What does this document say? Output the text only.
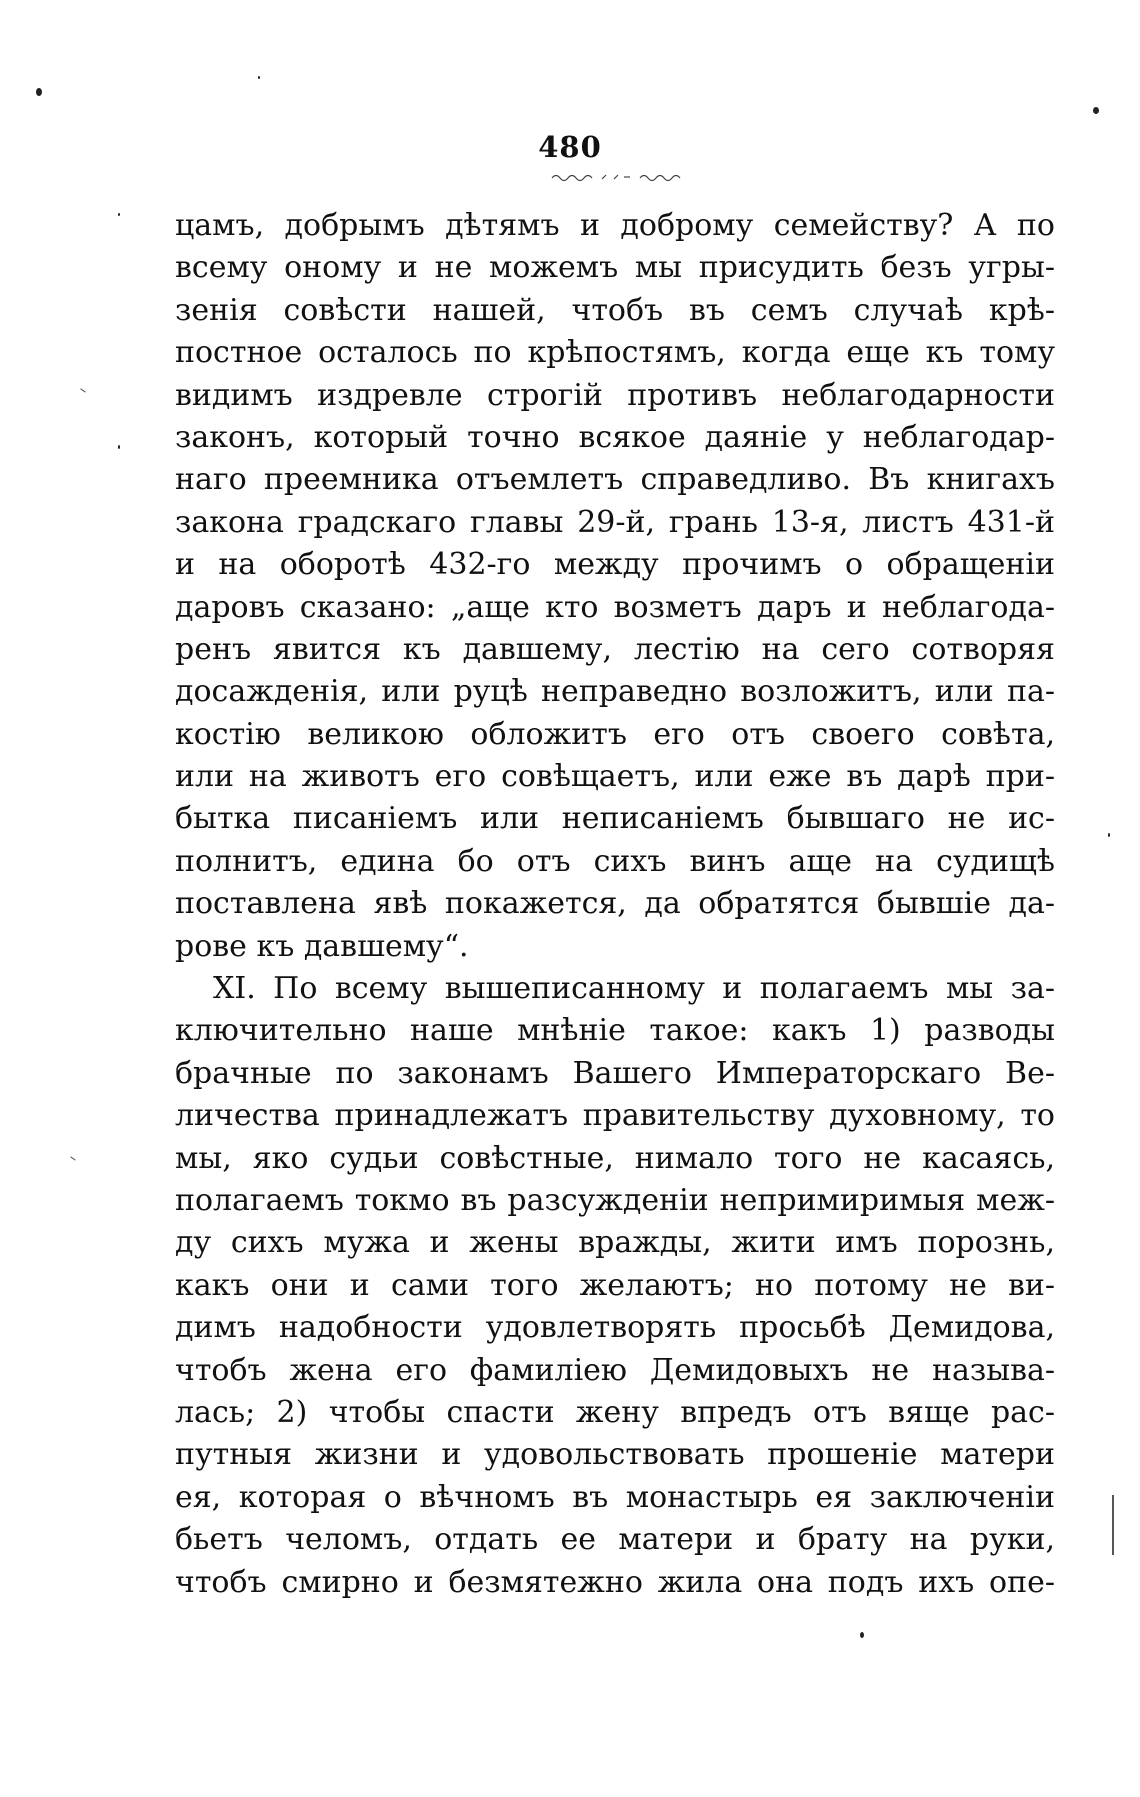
480
цамъ, добрымъ дѣтямъ и доброму семейству? А по
всему оному и не можемъ мы присудить безъ угры-
зенія совѣсти нашей, чтобъ въ семъ случаѣ крѣ-
постное осталось по крѣпостямъ, когда еще къ тому
видимъ издревле строгій противъ неблагодарности
законъ, который точно всякое даяніе у неблагодар-
наго преемника отъемлетъ справедливо. Въ книгахъ
закона градскаго главы 29-й, грань 13-я, листъ 431-й
и на оборотѣ 432-го между прочимъ о обращеніи
даровъ сказано: „аще кто возметъ даръ и неблагода-
ренъ явится къ давшему, лестію на сего сотворяя
досажденія, или руцѣ неправедно возложитъ, или па-
костію великою обложитъ его отъ своего совѣта,
или на животъ его совѣщаетъ, или еже въ дарѣ при-
бытка писаніемъ или неписаніемъ бывшаго не ис-
полнитъ, едина бо отъ сихъ винъ аще на судищѣ
поставлена явѣ покажется, да обратятся бывшіе да-
рове къ давшему“.
XI. По всему вышеписанному и полагаемъ мы за-
ключительно наше мнѣніе такое: какъ 1) разводы
брачные по законамъ Вашего Императорскаго Ве-
личества принадлежатъ правительству духовному, то
мы, яко судьи совѣстные, нимало того не касаясь,
полагаемъ токмо въ разсужденіи непримиримыя меж-
ду сихъ мужа и жены вражды, жити имъ порознь,
какъ они и сами того желаютъ; но потому не ви-
димъ надобности удовлетворять просьбѣ Демидова,
чтобъ жена его фамиліею Демидовыхъ не называ-
лась; 2) чтобы спасти жену впредъ отъ вяще рас-
путныя жизни и удовольствовать прошеніе матери
ея, которая о вѣчномъ въ монастырь ея заключеніи
бьетъ челомъ, отдать ее матери и брату на руки,
чтобъ смирно и безмятежно жила она подъ ихъ опе-
